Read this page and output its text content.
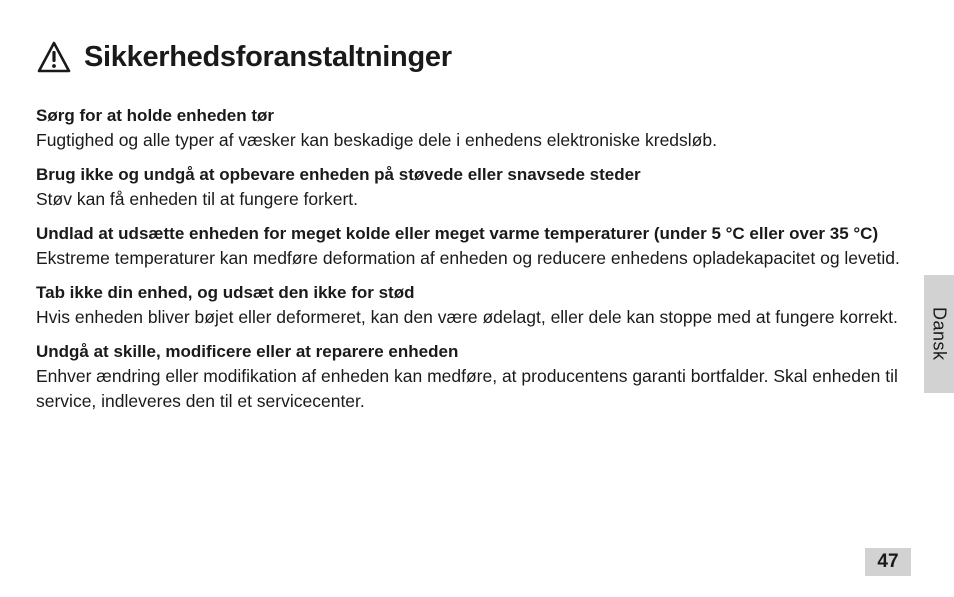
Sikkerhedsforanstaltninger

Sørg for at holde enheden tør

Fugtighed og alle typer af væsker kan beskadige dele i enhedens elektroniske kredsløb.

Brug ikke og undgå at opbevare enheden på støvede eller snavsede steder

Støv kan få enheden til at fungere forkert.

Undlad at udsætte enheden for meget kolde eller meget varme temperaturer (under 5 °C eller over 35 °C)

Ekstreme temperaturer kan medføre deformation af enheden og reducere enhedens opladekapacitet og levetid.

Tab ikke din enhed, og udsæt den ikke for stød

Hvis enheden bliver bøjet eller deformeret, kan den være ødelagt, eller dele kan stoppe med at fungere korrekt.

Undgå at skille, modificere eller at reparere enheden

Enhver ændring eller modifikation af enheden kan medføre, at producentens garanti bortfalder. Skal enheden til service, indleveres den til et servicecenter.

Dansk
47
